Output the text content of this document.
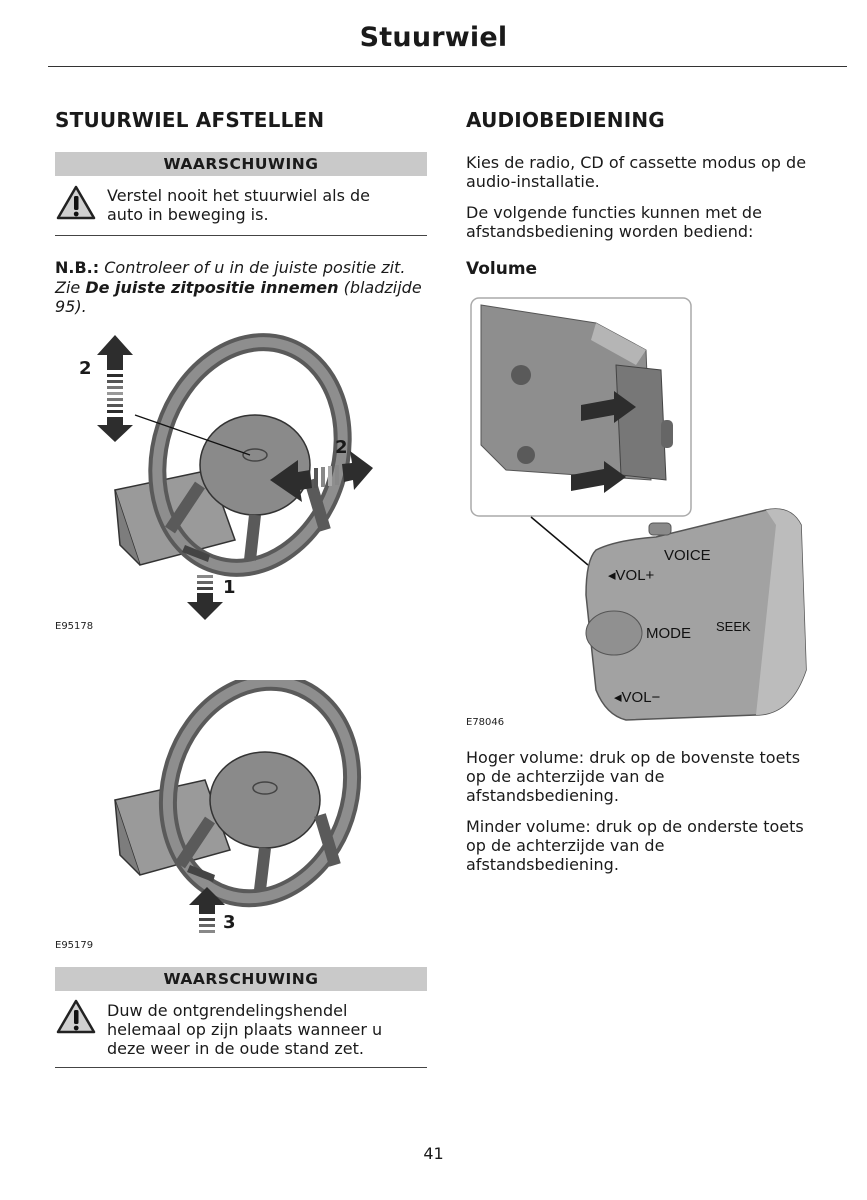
Stuurwiel
STUURWIEL AFSTELLEN
WAARSCHUWING
Verstel nooit het stuurwiel als de
auto in beweging is.
N.B.: Controleer of u in de juiste positie zit.
Zie De juiste zitpositie innemen (bladzijde
95).
2
2
1
E95178
3
E95179
WAARSCHUWING
Duw de ontgrendelingshendel
helemaal op zijn plaats wanneer u
deze weer in de oude stand zet.
AUDIOBEDIENING
Kies de radio, CD of cassette modus op de
audio-installatie.
De volgende functies kunnen met de
afstandsbediening worden bediend:
Volume
VOICE
◂VOL+
MODE SEEK
◂VOL−
E78046
Hoger volume: druk op de bovenste toets
op de achterzijde van de
afstandsbediening.
Minder volume: druk op de onderste toets
op de achterzijde van de
afstandsbediening.
41
